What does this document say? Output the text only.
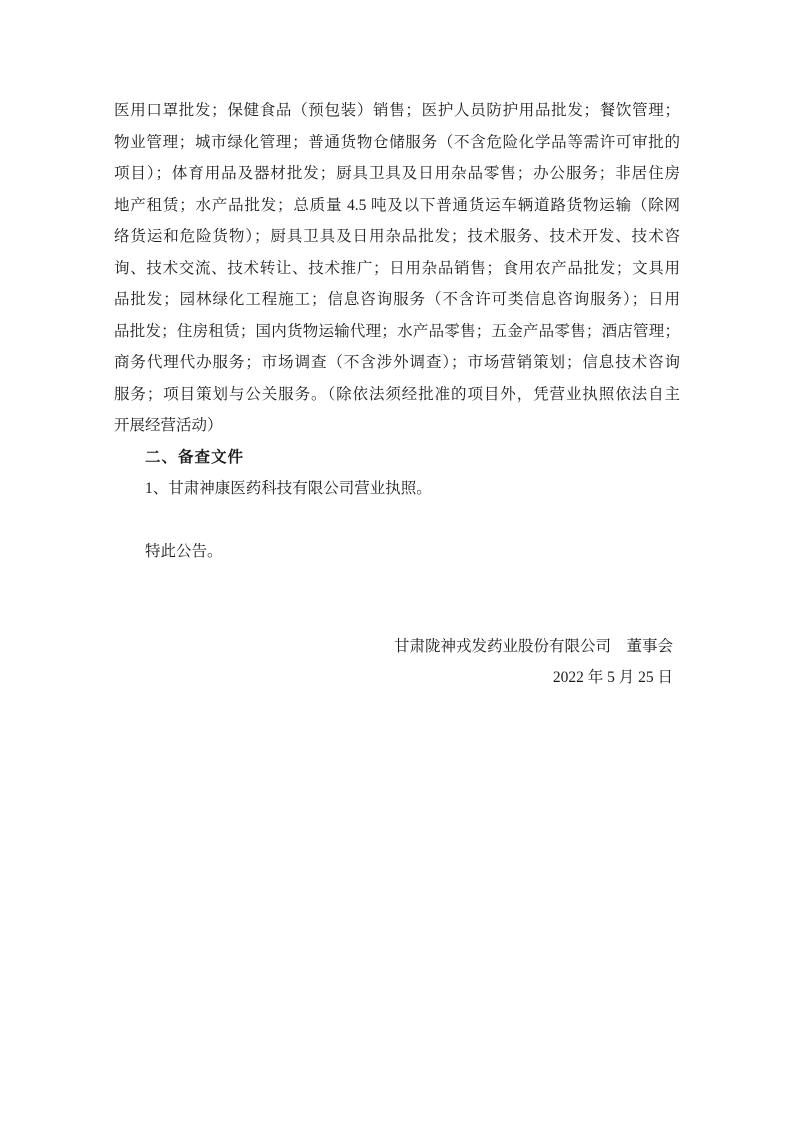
医用口罩批发；保健食品（预包装）销售；医护人员防护用品批发；餐饮管理；
物业管理；城市绿化管理；普通货物仓储服务（不含危险化学品等需许可审批的
项目）；体育用品及器材批发；厨具卫具及日用杂品零售；办公服务；非居住房
地产租赁；水产品批发；总质量 4.5 吨及以下普通货运车辆道路货物运输（除网
络货运和危险货物）；厨具卫具及日用杂品批发；技术服务、技术开发、技术咨
询、技术交流、技术转让、技术推广；日用杂品销售；食用农产品批发；文具用
品批发；园林绿化工程施工；信息咨询服务（不含许可类信息咨询服务）；日用
品批发；住房租赁；国内货物运输代理；水产品零售；五金产品零售；酒店管理；
商务代理代办服务；市场调查（不含涉外调查）；市场营销策划；信息技术咨询
服务；项目策划与公关服务。（除依法须经批准的项目外，凭营业执照依法自主
开展经营活动）
二、备查文件
1、甘肃神康医药科技有限公司营业执照。
特此公告。
甘肃陇神戎发药业股份有限公司　董事会
2022 年 5 月 25 日
